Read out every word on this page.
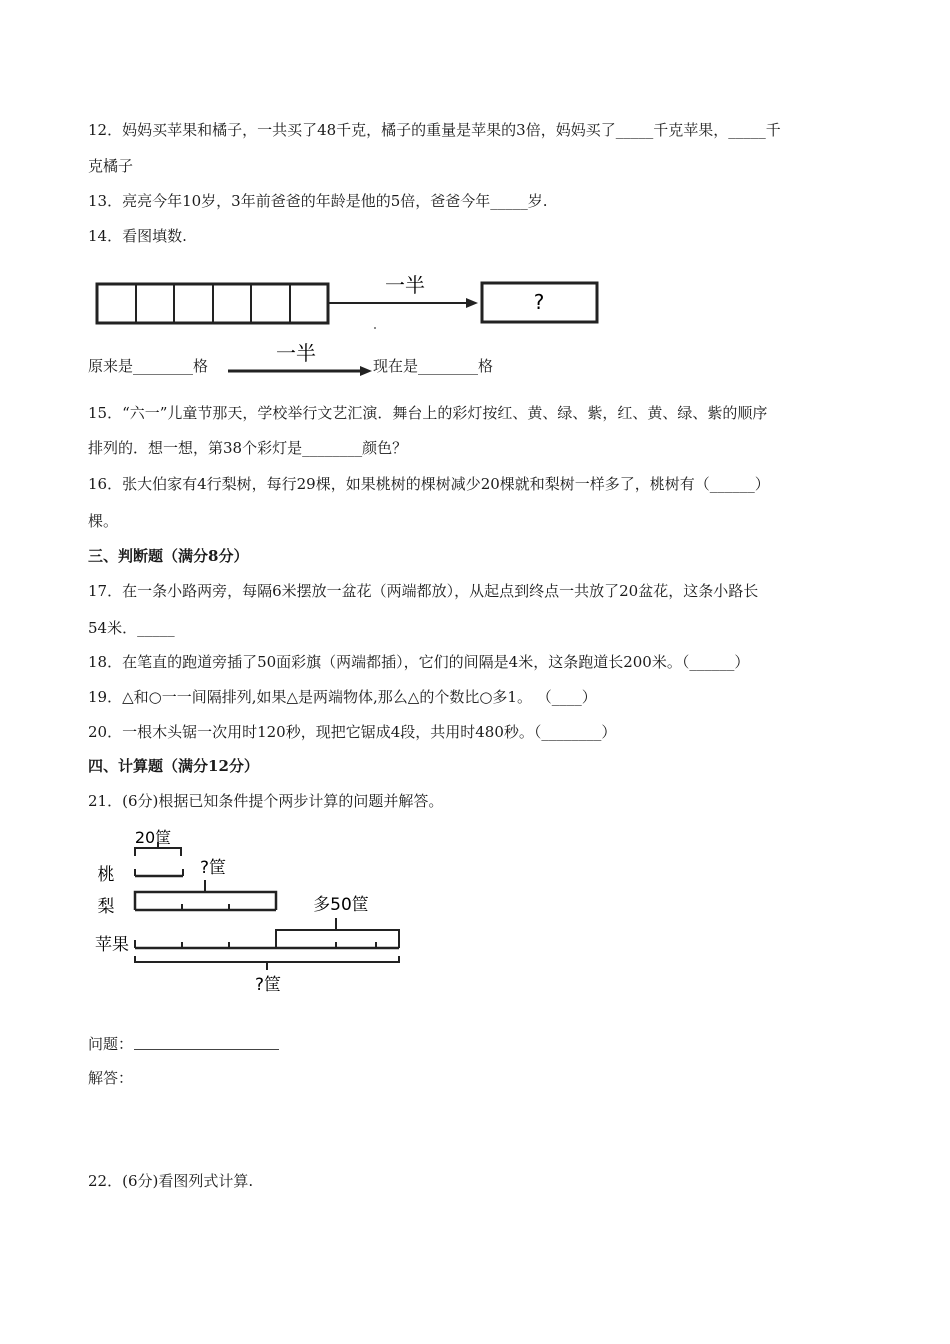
12．妈妈买苹果和橘子，一共买了48千克，橘子的重量是苹果的3倍，妈妈买了_____千克苹果，_____千
克橘子
13．亮亮今年10岁，3年前爸爸的年龄是他的5倍，爸爸今年_____岁.
14．看图填数.
一半
?
原来是________格
一半
现在是________格
15．“六一”儿童节那天，学校举行文艺汇演．舞台上的彩灯按红、黄、绿、紫，红、黄、绿、紫的顺序
排列的．想一想，第38个彩灯是________颜色？
16．张大伯家有4行梨树，每行29棵，如果桃树的棵树减少20棵就和梨树一样多了，桃树有（______）
棵。
三、判断题（满分8分）
17．在一条小路两旁，每隔6米摆放一盆花（两端都放），从起点到终点一共放了20盆花，这条小路长
54米．_____
18．在笔直的跑道旁插了50面彩旗（两端都插），它们的间隔是4米，这条跑道长200米。（______）
19．△和○一一间隔排列,如果△是两端物体,那么△的个数比○多1。 （____）
20．一根木头锯一次用时120秒，现把它锯成4段，共用时480秒。（________）
四、计算题（满分12分）
21．(6分)根据已知条件提个两步计算的问题并解答。
20筐
桃	?筐
梨	多50筐
苹果
?筐
问题：
解答：
22．(6分)看图列式计算.
